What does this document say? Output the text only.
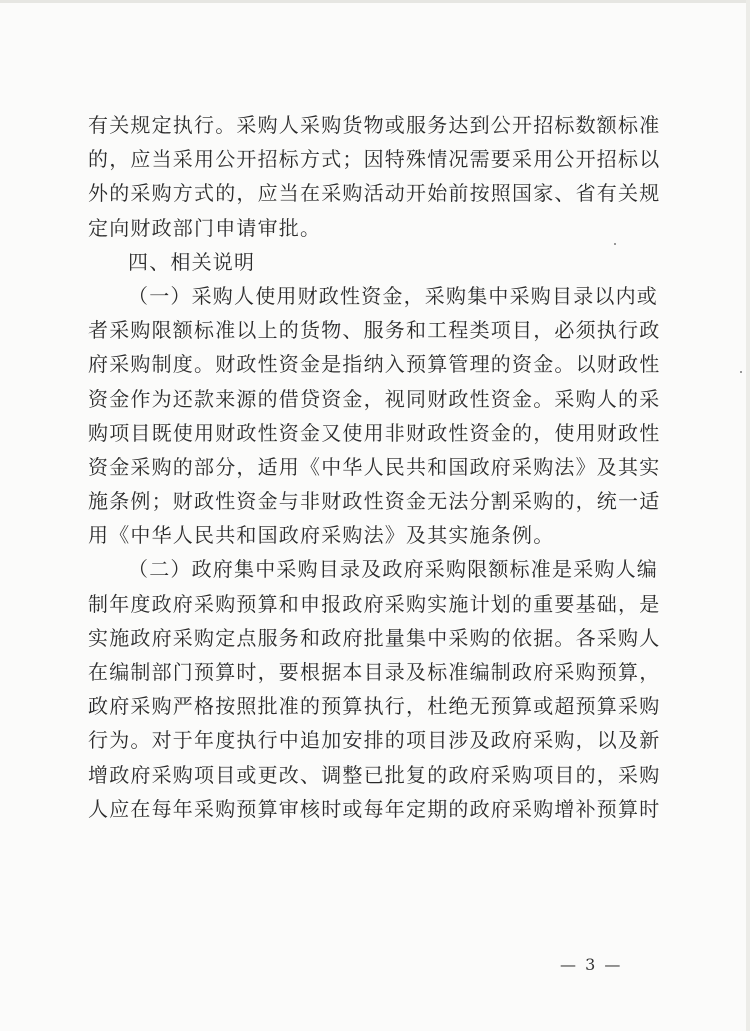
有关规定执行。采购人采购货物或服务达到公开招标数额标准
的，应当采用公开招标方式；因特殊情况需要采用公开招标以
外的采购方式的，应当在采购活动开始前按照国家、省有关规
定向财政部门申请审批。
四、相关说明
（一）采购人使用财政性资金，采购集中采购目录以内或
者采购限额标准以上的货物、服务和工程类项目，必须执行政
府采购制度。财政性资金是指纳入预算管理的资金。以财政性
资金作为还款来源的借贷资金，视同财政性资金。采购人的采
购项目既使用财政性资金又使用非财政性资金的，使用财政性
资金采购的部分，适用《中华人民共和国政府采购法》及其实
施条例；财政性资金与非财政性资金无法分割采购的，统一适
用《中华人民共和国政府采购法》及其实施条例。
（二）政府集中采购目录及政府采购限额标准是采购人编
制年度政府采购预算和申报政府采购实施计划的重要基础，是
实施政府采购定点服务和政府批量集中采购的依据。各采购人
在编制部门预算时，要根据本目录及标准编制政府采购预算，
政府采购严格按照批准的预算执行，杜绝无预算或超预算采购
行为。对于年度执行中追加安排的项目涉及政府采购，以及新
增政府采购项目或更改、调整已批复的政府采购项目的，采购
人应在每年采购预算审核时或每年定期的政府采购增补预算时
— 3 —
